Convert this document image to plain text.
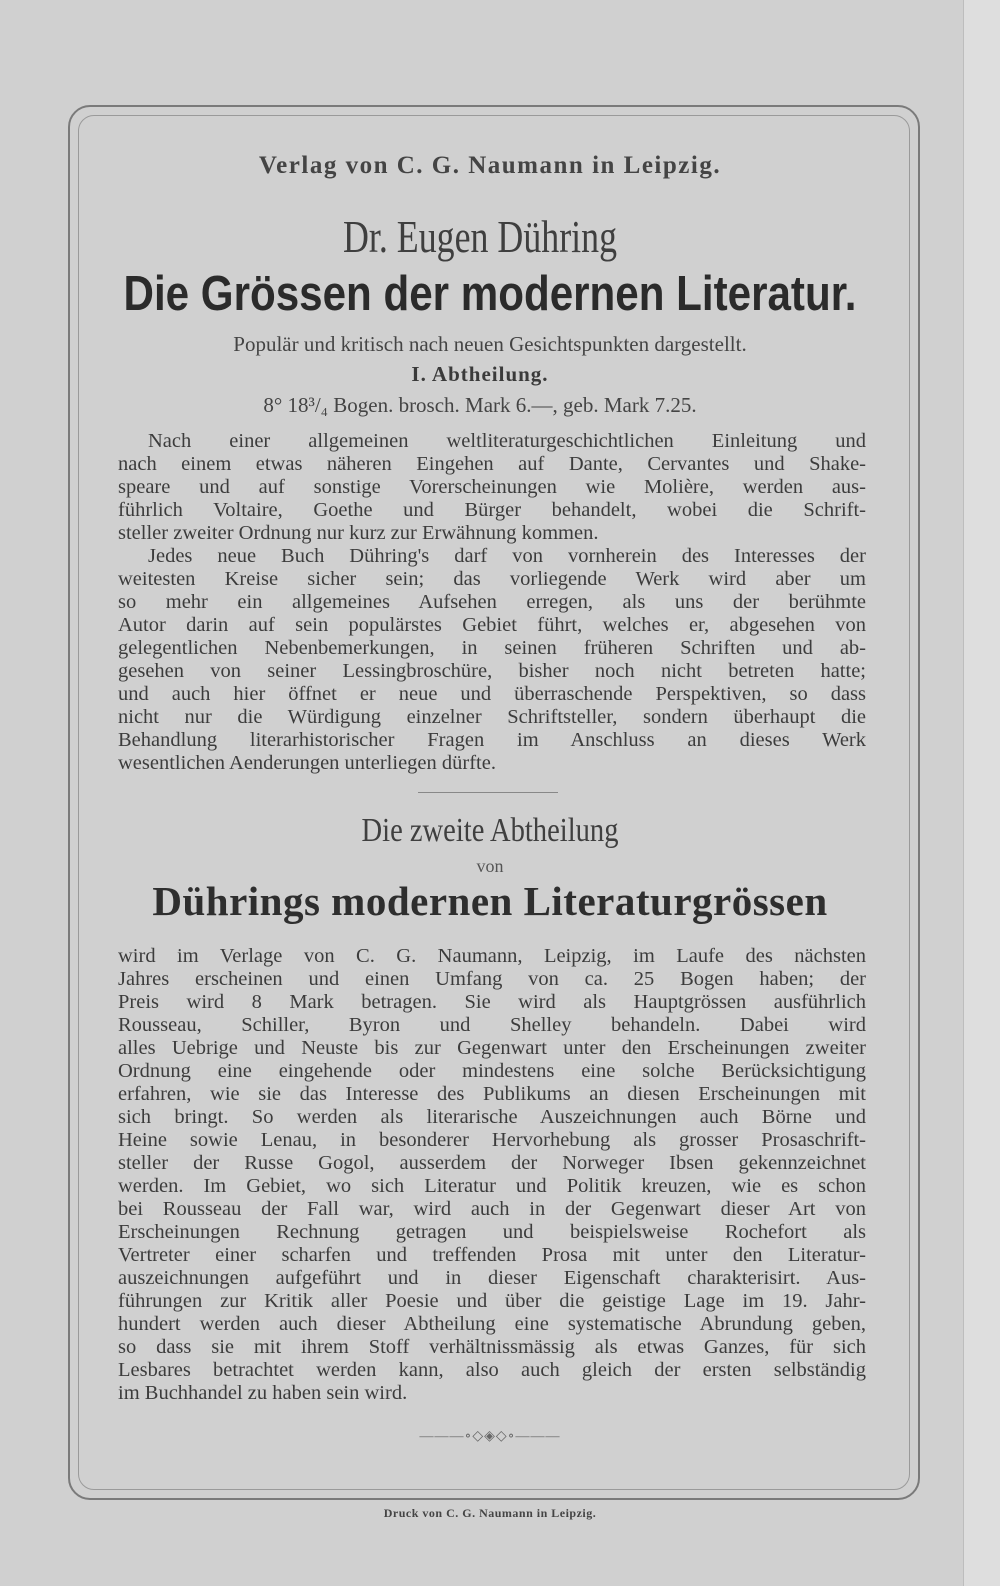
Verlag von C. G. Naumann in Leipzig.

Dr. Eugen Dühring

Die Grössen der modernen Literatur.

Populär und kritisch nach neuen Gesichtspunkten dargestellt.

I. Abtheilung.

8° 18³/₄ Bogen. brosch. Mark 6.—, geb. Mark 7.25.

Nach einer allgemeinen weltliteraturgeschichtlichen Einleitung und

nach einem etwas näheren Eingehen auf Dante, Cervantes und Shake-

speare und auf sonstige Vorerscheinungen wie Molière, werden aus-

führlich Voltaire, Goethe und Bürger behandelt, wobei die Schrift-

steller zweiter Ordnung nur kurz zur Erwähnung kommen.

Jedes neue Buch Dühring's darf von vornherein des Interesses der

weitesten Kreise sicher sein; das vorliegende Werk wird aber um

so mehr ein allgemeines Aufsehen erregen, als uns der berühmte

Autor darin auf sein populärstes Gebiet führt, welches er, abgesehen von

gelegentlichen Nebenbemerkungen, in seinen früheren Schriften und ab-

gesehen von seiner Lessingbroschüre, bisher noch nicht betreten hatte;

und auch hier öffnet er neue und überraschende Perspektiven, so dass

nicht nur die Würdigung einzelner Schriftsteller, sondern überhaupt die

Behandlung literarhistorischer Fragen im Anschluss an dieses Werk

wesentlichen Aenderungen unterliegen dürfte.

Die zweite Abtheilung

von

Dührings modernen Literaturgrössen

wird im Verlage von C. G. Naumann, Leipzig, im Laufe des nächsten

Jahres erscheinen und einen Umfang von ca. 25 Bogen haben; der

Preis wird 8 Mark betragen. Sie wird als Hauptgrössen ausführlich

Rousseau, Schiller, Byron und Shelley behandeln. Dabei wird

alles Uebrige und Neuste bis zur Gegenwart unter den Erscheinungen zweiter

Ordnung eine eingehende oder mindestens eine solche Berücksichtigung

erfahren, wie sie das Interesse des Publikums an diesen Erscheinungen mit

sich bringt. So werden als literarische Auszeichnungen auch Börne und

Heine sowie Lenau, in besonderer Hervorhebung als grosser Prosaschrift-

steller der Russe Gogol, ausserdem der Norweger Ibsen gekennzeichnet

werden. Im Gebiet, wo sich Literatur und Politik kreuzen, wie es schon

bei Rousseau der Fall war, wird auch in der Gegenwart dieser Art von

Erscheinungen Rechnung getragen und beispielsweise Rochefort als

Vertreter einer scharfen und treffenden Prosa mit unter den Literatur-

auszeichnungen aufgeführt und in dieser Eigenschaft charakterisirt. Aus-

führungen zur Kritik aller Poesie und über die geistige Lage im 19. Jahr-

hundert werden auch dieser Abtheilung eine systematische Abrundung geben,

so dass sie mit ihrem Stoff verhältnissmässig als etwas Ganzes, für sich

Lesbares betrachtet werden kann, also auch gleich der ersten selbständig

im Buchhandel zu haben sein wird.

———∘◇◈◇∘———

Druck von C. G. Naumann in Leipzig.
